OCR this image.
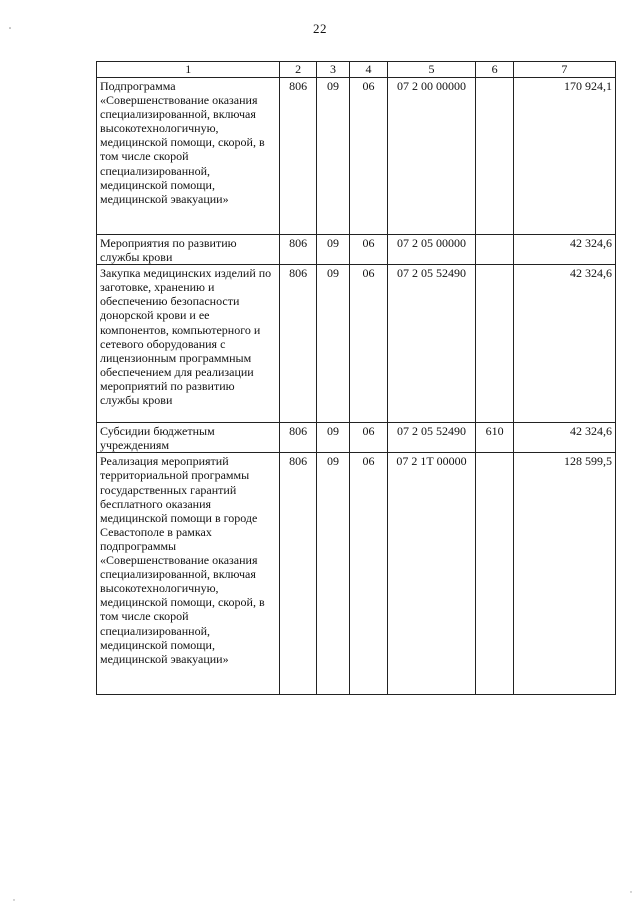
22
1	2	3	4	5	6	7
Подпрограмма «Совершенствование оказания специализированной, включая высокотехнологичную, медицинской помощи, скорой, в том числе скорой специализированной, медицинской помощи, медицинской эвакуации»	806	09	06	07 2 00 00000		170 924,1
Мероприятия по развитию службы крови	806	09	06	07 2 05 00000		42 324,6
Закупка медицинских изделий по заготовке, хранению и обеспечению безопасности донорской крови и ее компонентов, компьютерного и сетевого оборудования с лицензионным программным обеспечением для реализации мероприятий по развитию службы крови	806	09	06	07 2 05 52490		42 324,6
Субсидии бюджетным учреждениям	806	09	06	07 2 05 52490	610	42 324,6
Реализация мероприятий территориальной программы государственных гарантий бесплатного оказания медицинской помощи в городе Севастополе в рамках подпрограммы «Совершенствование оказания специализированной, включая высокотехнологичную, медицинской помощи, скорой, в том числе скорой специализированной, медицинской помощи, медицинской эвакуации»	806	09	06	07 2 1Т 00000		128 599,5
